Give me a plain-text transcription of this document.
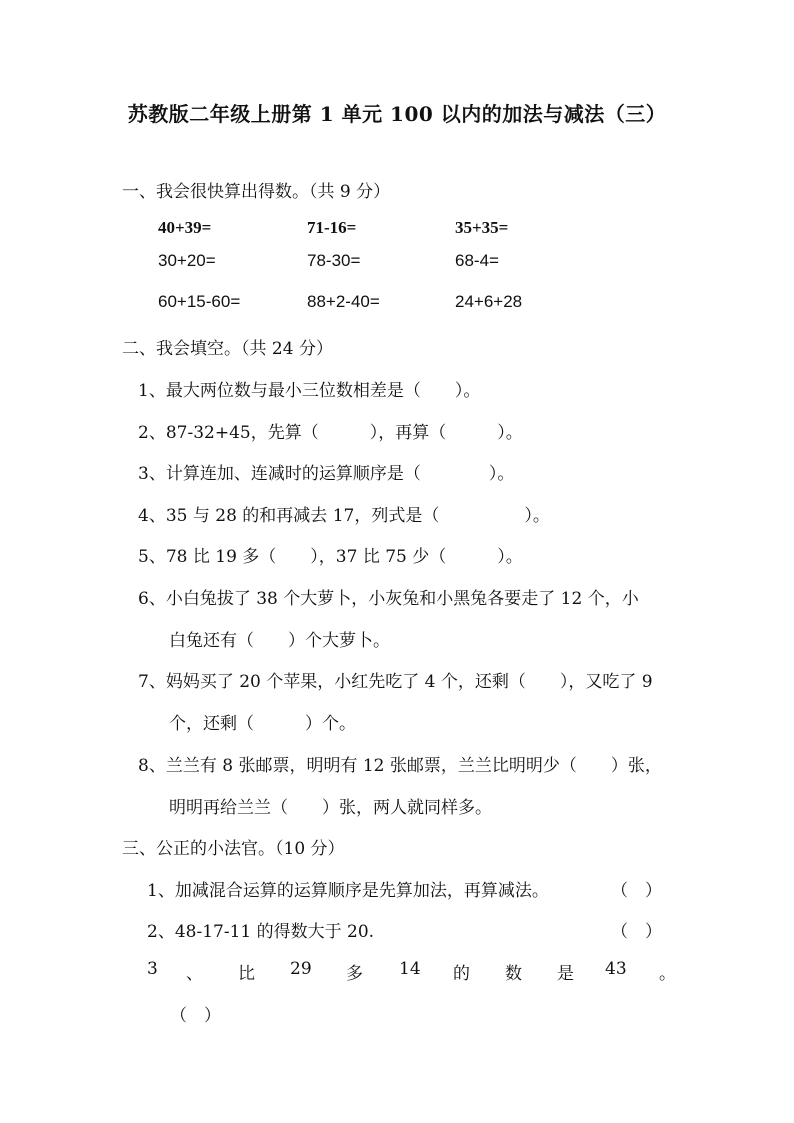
苏教版二年级上册第 1 单元 100 以内的加法与减法（三）
一、我会很快算出得数。（共 9 分）
40+39=	71-16=	35+35=
30+20=	78-30=	68-4=
60+15-60=	88+2-40=	24+6+28
二、我会填空。（共 24 分）
1、最大两位数与最小三位数相差是（　　）。
2、87-32+45，先算（　　　），再算（　　　）。
3、计算连加、连减时的运算顺序是（　　　　）。
4、35 与 28 的和再减去 17，列式是（　　　　　）。
5、78 比 19 多（　　），37 比 75 少（　　　）。
6、小白兔拔了 38 个大萝卜，小灰兔和小黑兔各要走了 12 个，小
白兔还有（　　）个大萝卜。
7、妈妈买了 20 个苹果，小红先吃了 4 个，还剩（　　），又吃了 9
个，还剩（　　　）个。
8、兰兰有 8 张邮票，明明有 12 张邮票，兰兰比明明少（　　）张，
明明再给兰兰（　　）张，两人就同样多。
三、公正的小法官。（10 分）
1、加减混合运算的运算顺序是先算加法，再算减法。	（　）
2、48-17-11 的得数大于 20.	（　）
3 、 比 29 多 14 的 数 是 43 。
（　）
